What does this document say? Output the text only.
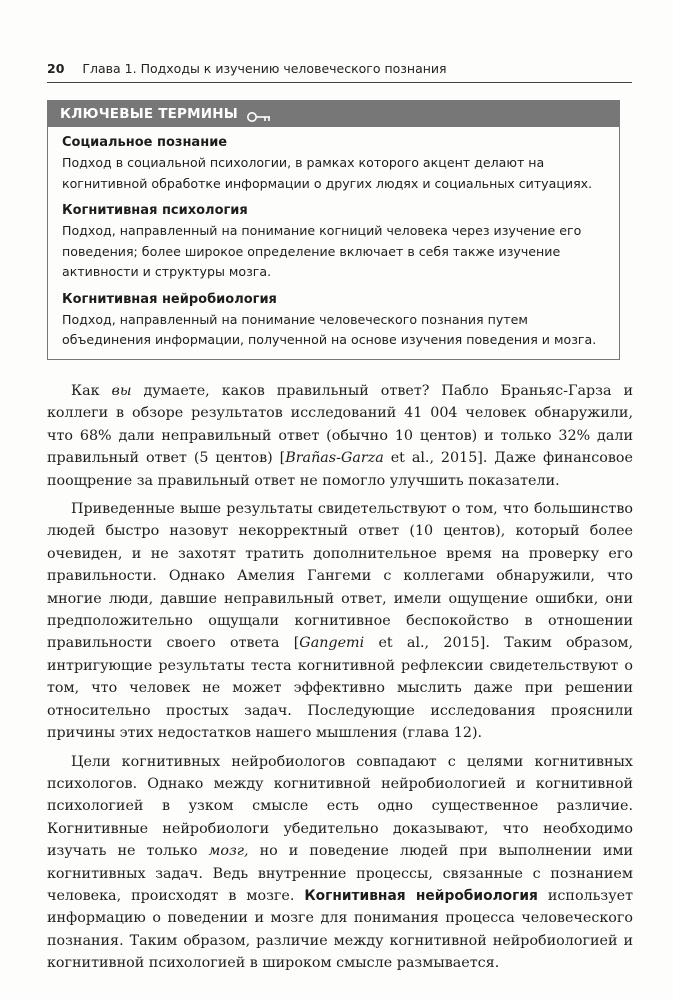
20 Глава 1. Подходы к изучению человеческого познания
КЛЮЧЕВЫЕ ТЕРМИНЫ
Социальное познание
Подход в социальной психологии, в рамках которого акцент делают на когнитивной обработке информации о других людях и социальных ситуациях.
Когнитивная психология
Подход, направленный на понимание когниций человека через изучение его поведения; более широкое определение включает в себя также изучение активности и структуры мозга.
Когнитивная нейробиология
Подход, направленный на понимание человеческого познания путем объединения информации, полученной на основе изучения поведения и мозга.

Как вы думаете, каков правильный ответ? Пабло Браньяс-Гарза и коллеги в обзоре результатов исследований 41 004 человек обнаружили, что 68% дали неправильный ответ (обычно 10 центов) и только 32% дали правильный ответ (5 центов) [Brañas-Garza et al., 2015]. Даже финансовое поощрение за правильный ответ не помогло улучшить показатели.

Приведенные выше результаты свидетельствуют о том, что большинство людей быстро назовут некорректный ответ (10 центов), который более очевиден, и не захотят тратить дополнительное время на проверку его правильности. Однако Амелия Гангеми с коллегами обнаружили, что многие люди, давшие неправильный ответ, имели ощущение ошибки, они предположительно ощущали когнитивное беспокойство в отношении правильности своего ответа [Gangemi et al., 2015]. Таким образом, интригующие результаты теста когнитивной рефлексии свидетельствуют о том, что человек не может эффективно мыслить даже при решении относительно простых задач. Последующие исследования прояснили причины этих недостатков нашего мышления (глава 12).

Цели когнитивных нейробиологов совпадают с целями когнитивных психологов. Однако между когнитивной нейробиологией и когнитивной психологией в узком смысле есть одно существенное различие. Когнитивные нейробиологи убедительно доказывают, что необходимо изучать не только мозг, но и поведение людей при выполнении ими когнитивных задач. Ведь внутренние процессы, связанные с познанием человека, происходят в мозге. Когнитивная нейробиология использует информацию о поведении и мозге для понимания процесса человеческого познания. Таким образом, различие между когнитивной нейробиологией и когнитивной психологией в широком смысле размывается.
